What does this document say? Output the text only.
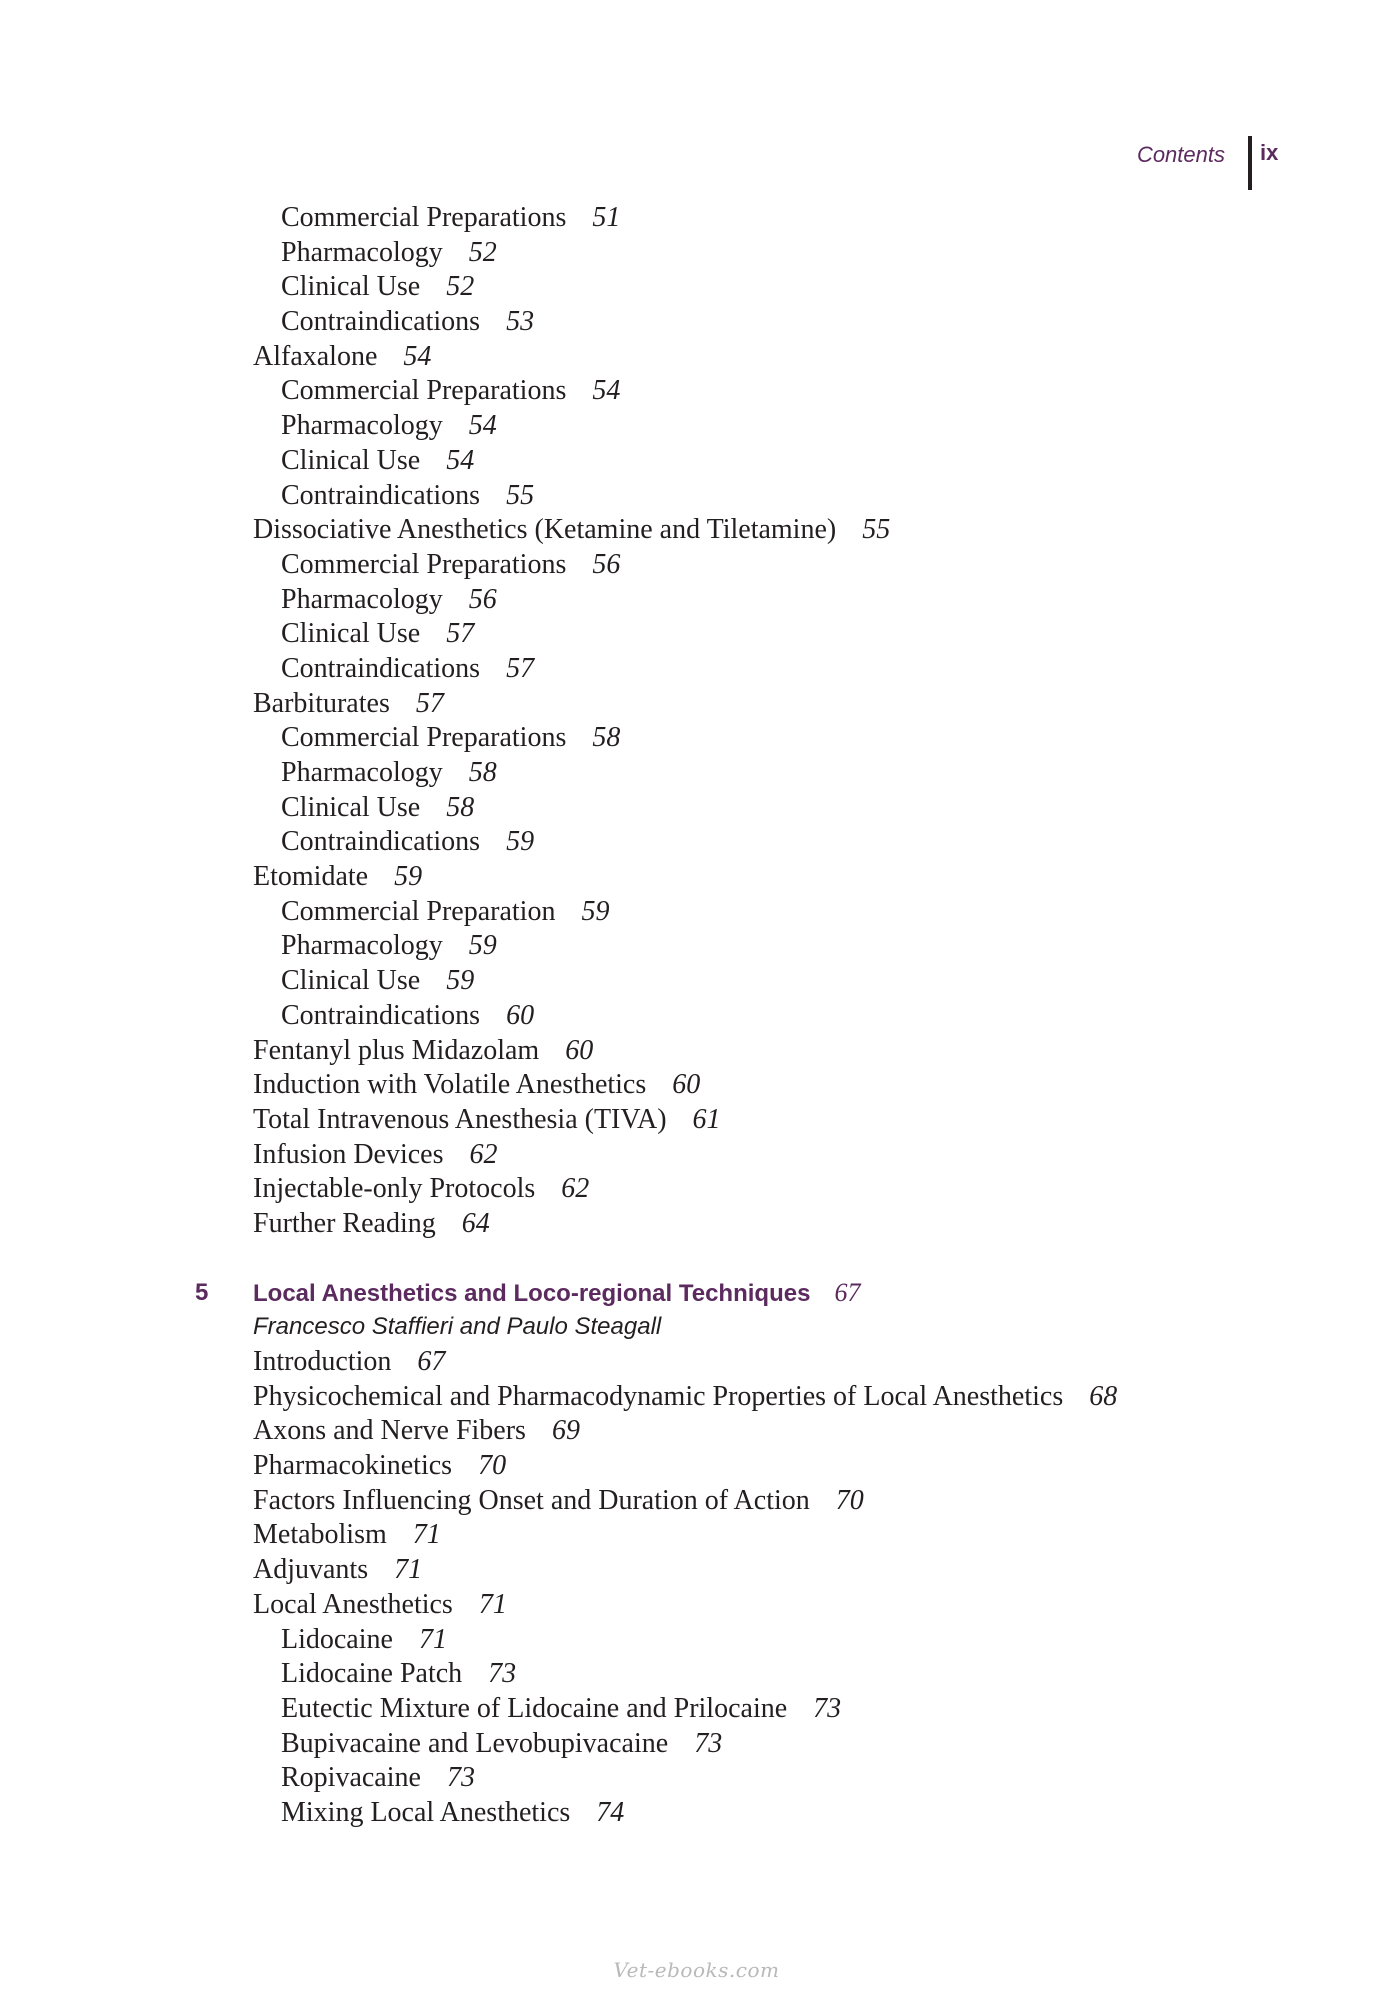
Contents ix
Commercial Preparations 51
Pharmacology 52
Clinical Use 52
Contraindications 53
Alfaxalone 54
Commercial Preparations 54
Pharmacology 54
Clinical Use 54
Contraindications 55
Dissociative Anesthetics (Ketamine and Tiletamine) 55
Commercial Preparations 56
Pharmacology 56
Clinical Use 57
Contraindications 57
Barbiturates 57
Commercial Preparations 58
Pharmacology 58
Clinical Use 58
Contraindications 59
Etomidate 59
Commercial Preparation 59
Pharmacology 59
Clinical Use 59
Contraindications 60
Fentanyl plus Midazolam 60
Induction with Volatile Anesthetics 60
Total Intravenous Anesthesia (TIVA) 61
Infusion Devices 62
Injectable-only Protocols 62
Further Reading 64
5 Local Anesthetics and Loco-regional Techniques 67
Francesco Staffieri and Paulo Steagall
Introduction 67
Physicochemical and Pharmacodynamic Properties of Local Anesthetics 68
Axons and Nerve Fibers 69
Pharmacokinetics 70
Factors Influencing Onset and Duration of Action 70
Metabolism 71
Adjuvants 71
Local Anesthetics 71
Lidocaine 71
Lidocaine Patch 73
Eutectic Mixture of Lidocaine and Prilocaine 73
Bupivacaine and Levobupivacaine 73
Ropivacaine 73
Mixing Local Anesthetics 74
Vet-ebooks.com
